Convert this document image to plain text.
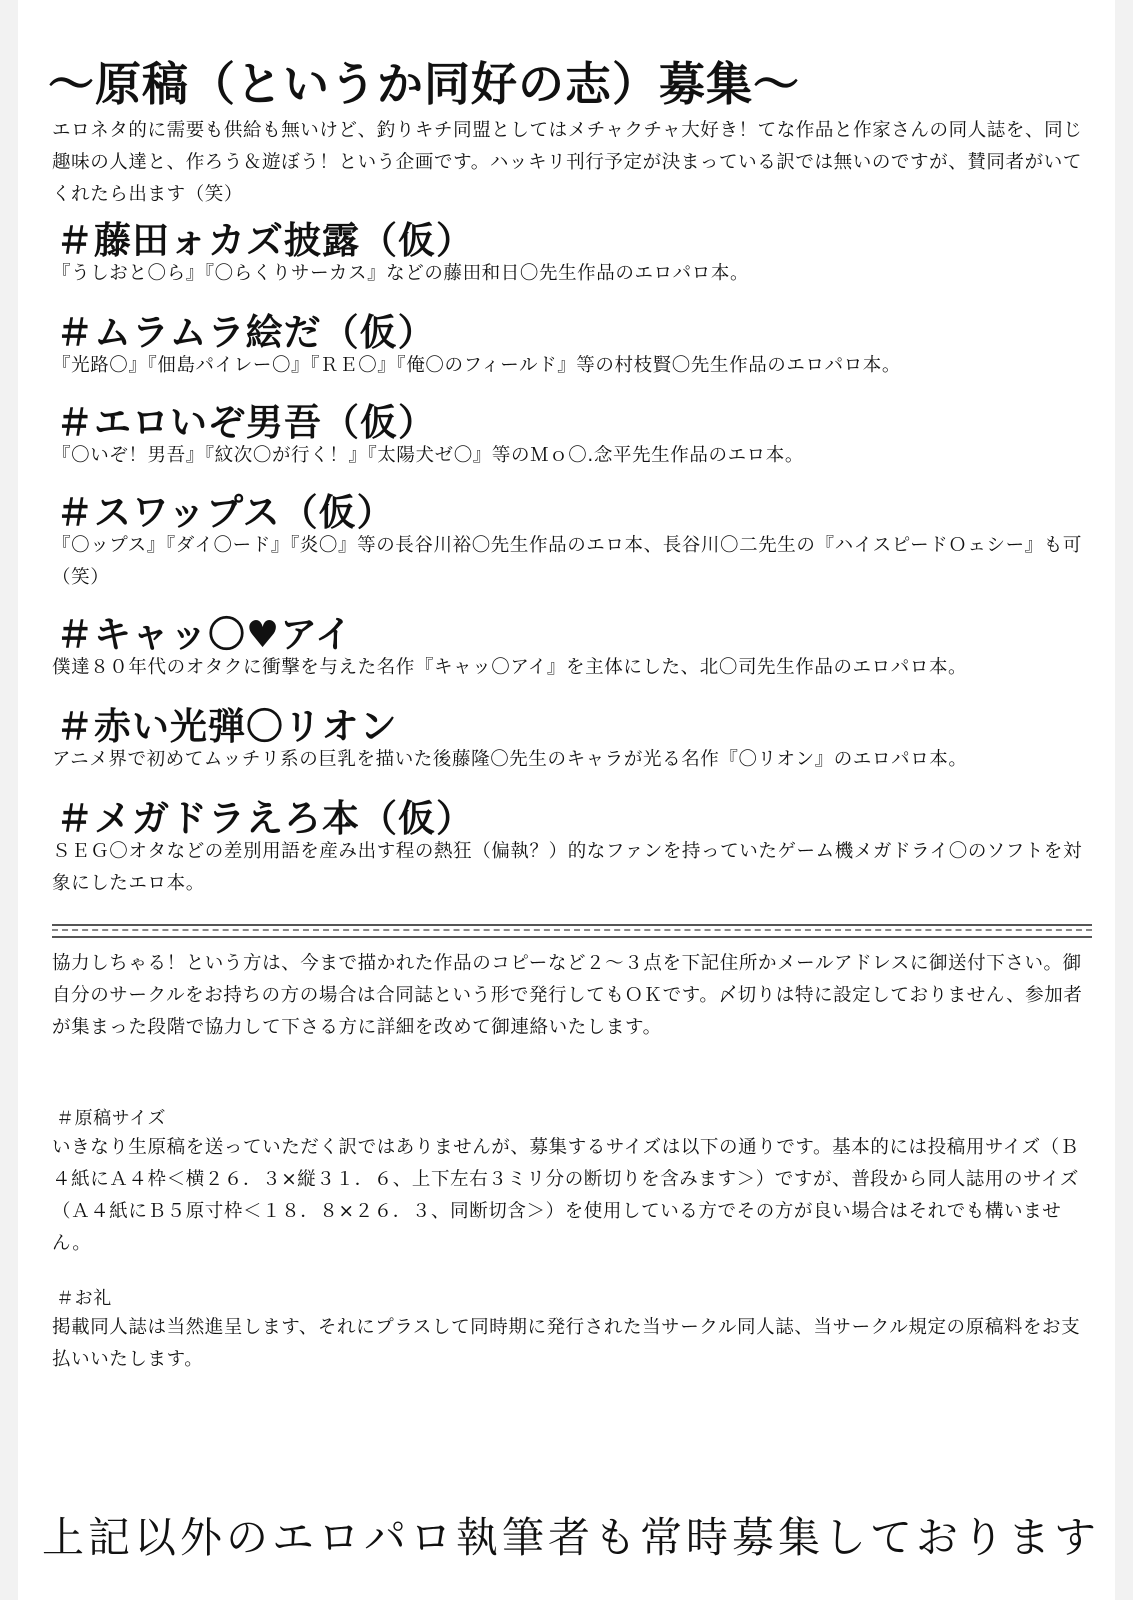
～原稿（というか同好の志）募集～
エロネタ的に需要も供給も無いけど、釣りキチ同盟としてはメチャクチャ大好き！てな作品と作家さんの同人誌を、同じ趣味の人達と、作ろう＆遊ぼう！という企画です。ハッキリ刊行予定が決まっている訳では無いのですが、賛同者がいてくれたら出ます（笑）
＃藤田ォカズ披露（仮）
『うしおと〇ら』『〇らくりサーカス』などの藤田和日〇先生作品のエロパロ本。
＃ムラムラ絵だ（仮）
『光路〇』『佃島パイレー〇』『ＲＥ〇』『俺〇のフィールド』等の村枝賢〇先生作品のエロパロ本。
＃エロいぞ男吾（仮）
『〇いぞ！男吾』『紋次〇が行く！』『太陽犬ゼ〇』等のＭｏ〇.念平先生作品のエロ本。
＃スワップス（仮）
『〇ップス』『ダイ〇ード』『炎〇』等の長谷川裕〇先生作品のエロ本、長谷川〇二先生の『ハイスピードＯェシー』も可（笑）
＃キャッ〇♥アイ
僕達８０年代のオタクに衝撃を与えた名作『キャッ〇アイ』を主体にした、北〇司先生作品のエロパロ本。
＃赤い光弾〇リオン
アニメ界で初めてムッチリ系の巨乳を描いた後藤隆〇先生のキャラが光る名作『〇リオン』のエロパロ本。
＃メガドラえろ本（仮）
ＳＥＧ〇オタなどの差別用語を産み出す程の熱狂（偏執？）的なファンを持っていたゲーム機メガドライ〇のソフトを対象にしたエロ本。
協力しちゃる！という方は、今まで描かれた作品のコピーなど２～３点を下記住所かメールアドレスに御送付下さい。御自分のサークルをお持ちの方の場合は合同誌という形で発行してもＯＫです。〆切りは特に設定しておりません、参加者が集まった段階で協力して下さる方に詳細を改めて御連絡いたします。
＃原稿サイズ
いきなり生原稿を送っていただく訳ではありませんが、募集するサイズは以下の通りです。基本的には投稿用サイズ（Ｂ４紙にＡ４枠＜横２６．３×縦３１．６、上下左右３ミリ分の断切りを含みます＞）ですが、普段から同人誌用のサイズ（Ａ４紙にＢ５原寸枠＜１８．８×２６．３、同断切含＞）を使用している方でその方が良い場合はそれでも構いません。
＃お礼
掲載同人誌は当然進呈します、それにプラスして同時期に発行された当サークル同人誌、当サークル規定の原稿料をお支払いいたします。
上記以外のエロパロ執筆者も常時募集しております
